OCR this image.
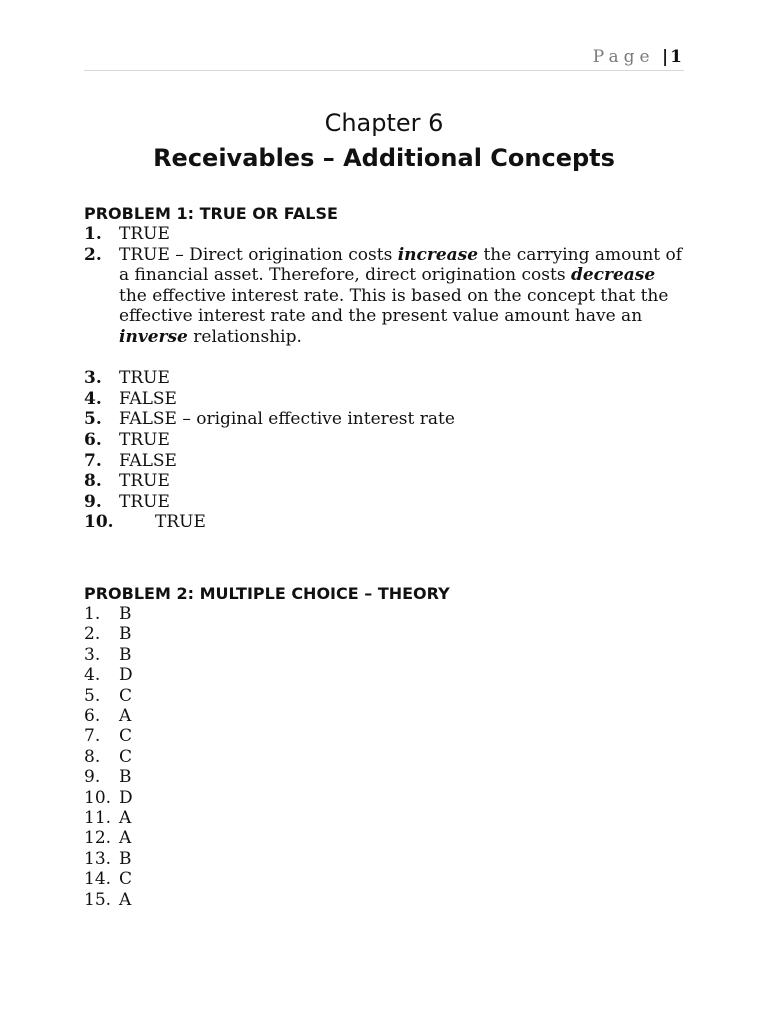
Page | 1
Chapter 6
Receivables – Additional Concepts

PROBLEM 1: TRUE OR FALSE

1.	TRUE
2.	TRUE – Direct origination costs increase the carrying amount of a financial asset. Therefore, direct origination costs decrease the effective interest rate. This is based on the concept that the effective interest rate and the present value amount have an inverse relationship.
3.	TRUE
4.	FALSE
5.	FALSE – original effective interest rate
6.	TRUE
7.	FALSE
8.	TRUE
9.	TRUE
10.	TRUE

PROBLEM 2: MULTIPLE CHOICE – THEORY

1.	B
2.	B
3.	B
4.	D
5.	C
6.	A
7.	C
8.	C
9.	B
10. D
11. A
12. A
13. B
14. C
15. A
